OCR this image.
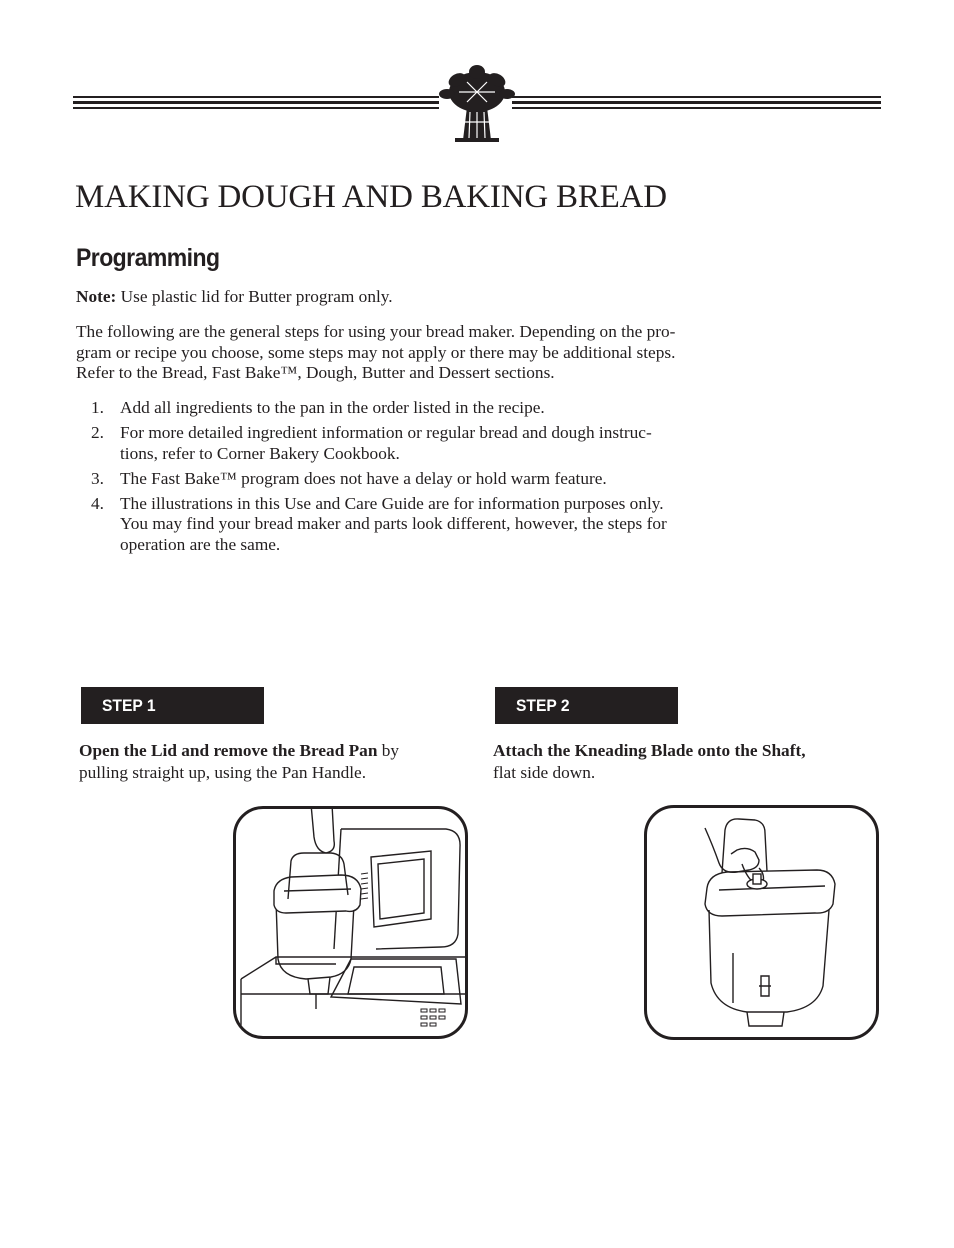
MAKING DOUGH AND BAKING BREAD
Programming
Note: Use plastic lid for Butter program only.
The following are the general steps for using your bread maker. Depending on the pro-
gram or recipe you choose, some steps may not apply or there may be additional steps.
Refer to the Bread, Fast Bake™, Dough, Butter and Dessert sections.
1. Add all ingredients to the pan in the order listed in the recipe.
2. For more detailed ingredient information or regular bread and dough instruc-
tions, refer to Corner Bakery Cookbook.
3. The Fast Bake™ program does not have a delay or hold warm feature.
4. The illustrations in this Use and Care Guide are for information purposes only.
You may find your bread maker and parts look different, however, the steps for
operation are the same.
STEP 1
Open the Lid and remove the Bread Pan by
pulling straight up, using the Pan Handle.
STEP 2
Attach the Kneading Blade onto the Shaft,
flat side down.
